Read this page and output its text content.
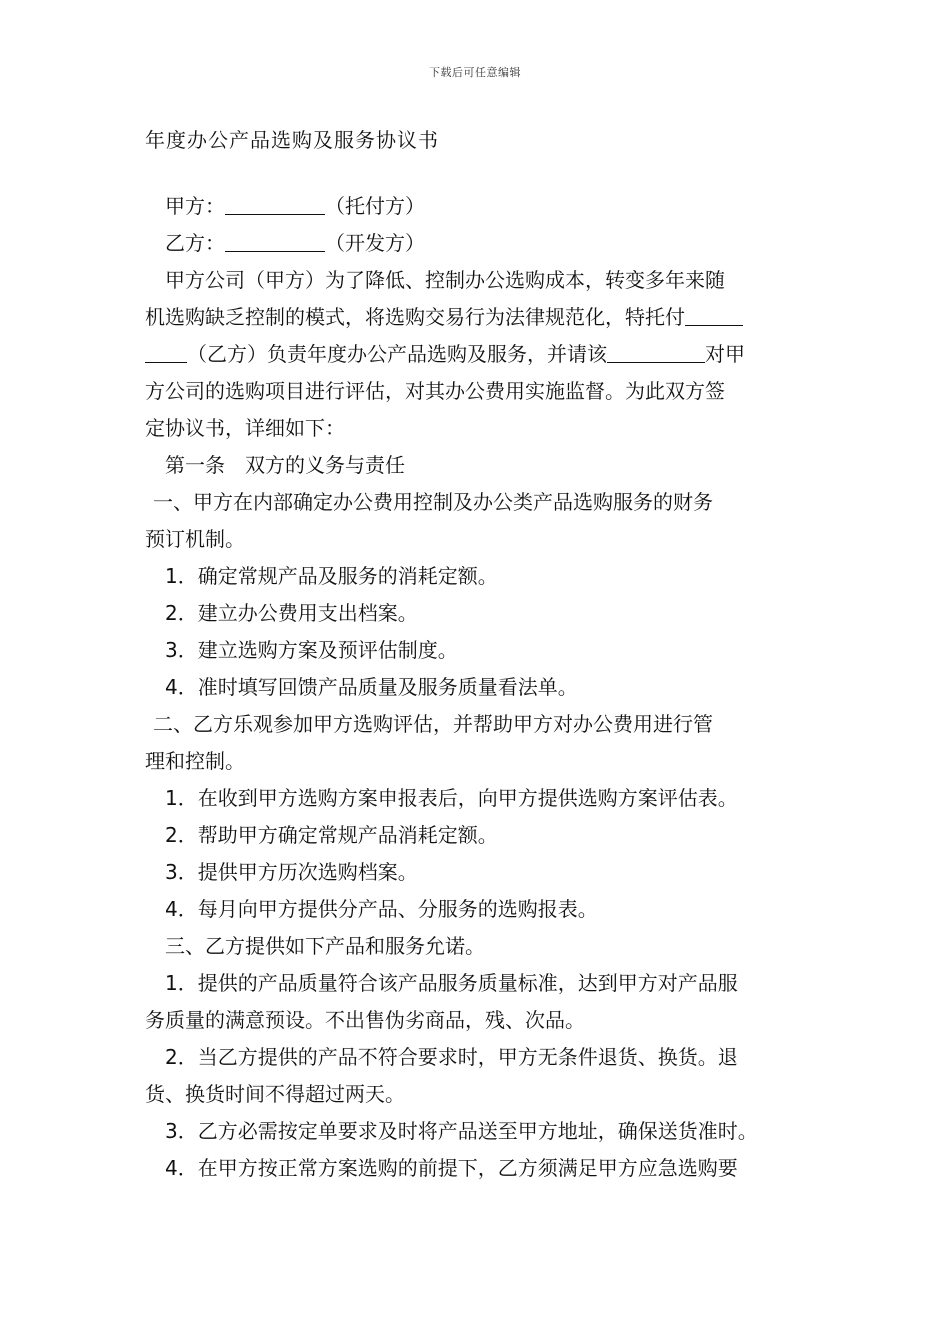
下载后可任意编辑
年度办公产品选购及服务协议书
甲方：	（托付方）
乙方：	（开发方）
甲方公司（甲方）为了降低、控制办公选购成本，转变多年来随
机选购缺乏控制的模式，将选购交易行为法律规范化，特托付
（乙方）负责年度办公产品选购及服务，并请该	对甲
方公司的选购项目进行评估，对其办公费用实施监督。为此双方签
定协议书，详细如下：
第一条　双方的义务与责任
一、甲方在内部确定办公费用控制及办公类产品选购服务的财务
预订机制。
1．确定常规产品及服务的消耗定额。
2．建立办公费用支出档案。
3．建立选购方案及预评估制度。
4．准时填写回馈产品质量及服务质量看法单。
二、乙方乐观参加甲方选购评估，并帮助甲方对办公费用进行管
理和控制。
1．在收到甲方选购方案申报表后，向甲方提供选购方案评估表。
2．帮助甲方确定常规产品消耗定额。
3．提供甲方历次选购档案。
4．每月向甲方提供分产品、分服务的选购报表。
三、乙方提供如下产品和服务允诺。
1．提供的产品质量符合该产品服务质量标准，达到甲方对产品服
务质量的满意预设。不出售伪劣商品，残、次品。
2．当乙方提供的产品不符合要求时，甲方无条件退货、换货。退
货、换货时间不得超过两天。
3．乙方必需按定单要求及时将产品送至甲方地址，确保送货准时。
4．在甲方按正常方案选购的前提下，乙方须满足甲方应急选购要
